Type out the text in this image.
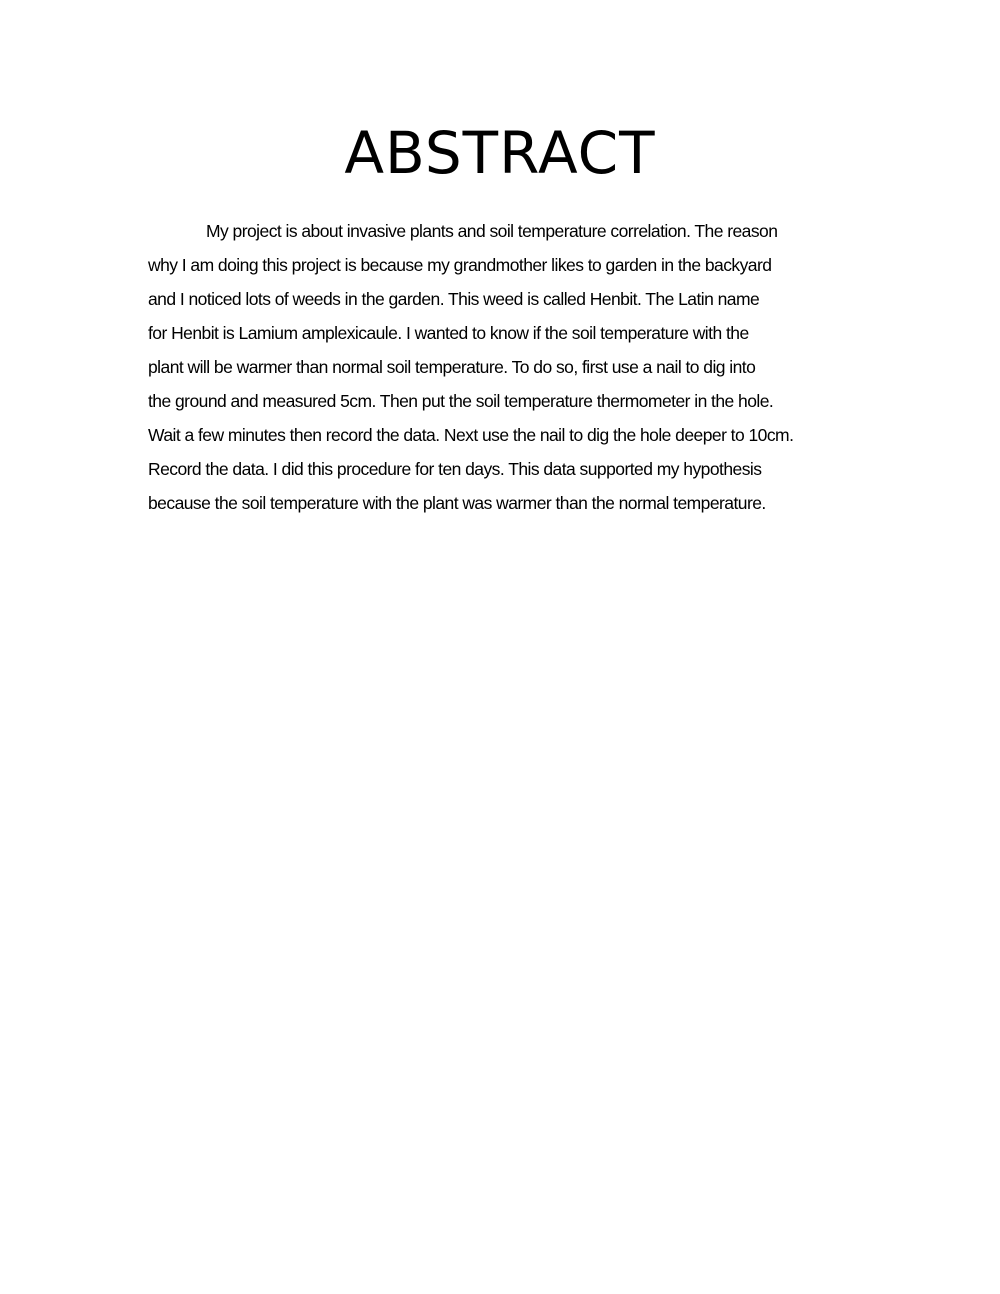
ABSTRACT
My project is about invasive plants and soil temperature correlation. The reason
why I am doing this project is because my grandmother likes to garden in the backyard
and I noticed lots of weeds in the garden. This weed is called Henbit. The Latin name
for Henbit is Lamium amplexicaule. I wanted to know if the soil temperature with the
plant will be warmer than normal soil temperature. To do so, first use a nail to dig into
the ground and measured 5cm. Then put the soil temperature thermometer in the hole.
Wait a few minutes then record the data. Next use the nail to dig the hole deeper to 10cm.
Record the data. I did this procedure for ten days. This data supported my hypothesis
because the soil temperature with the plant was warmer than the normal temperature.
